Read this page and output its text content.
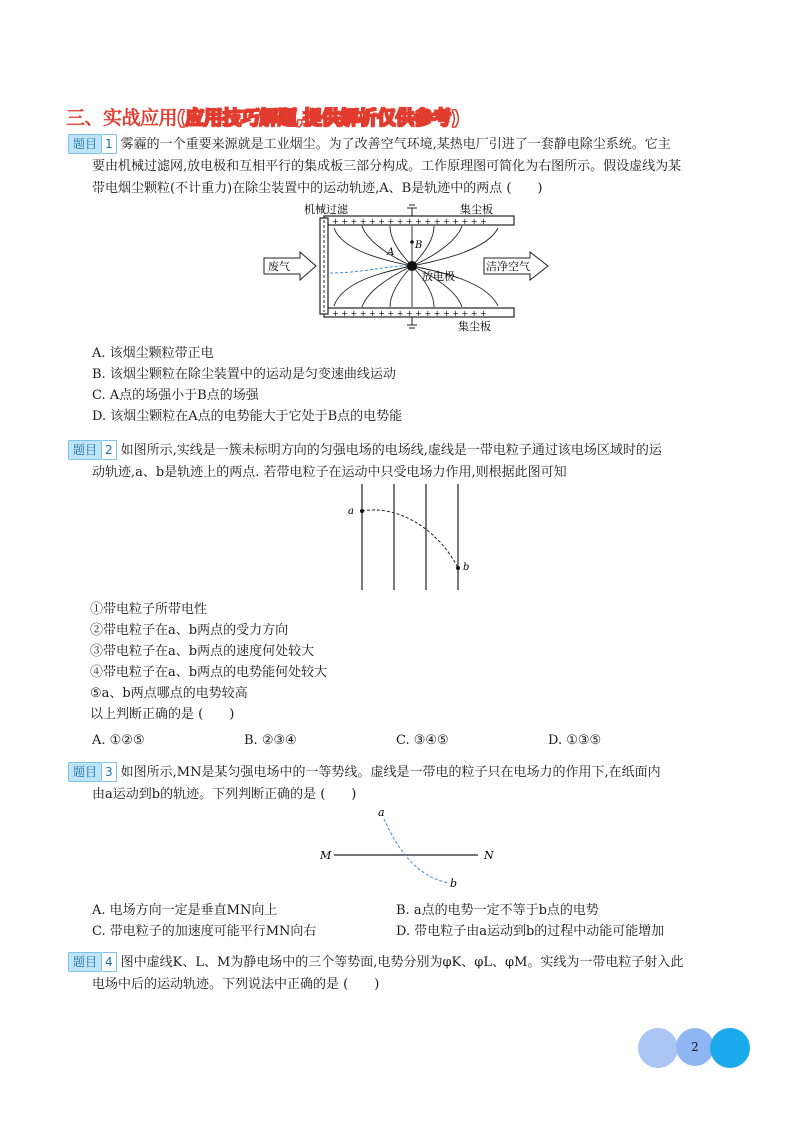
三、实战应用(应用技巧解题,提供解析仅供参考)
题目 1 雾霾的一个重要来源就是工业烟尘。为了改善空气环境,某热电厂引进了一套静电除尘系统。它主
要由机械过滤网,放电极和互相平行的集成板三部分构成。工作原理图可简化为右图所示。假设虚线为某
带电烟尘颗粒(不计重力)在除尘装置中的运动轨迹,A、B是轨迹中的两点 (　　)
+ + + + + + + + + + + + + + + + +
+ + + + + + + + + + + + + + + + +
A
B
机械过滤	集尘板
集尘板
放电极
废气	洁净空气
A. 该烟尘颗粒带正电
B. 该烟尘颗粒在除尘装置中的运动是匀变速曲线运动
C. A点的场强小于B点的场强
D. 该烟尘颗粒在A点的电势能大于它处于B点的电势能
题目 2 如图所示,实线是一簇未标明方向的匀强电场的电场线,虚线是一带电粒子通过该电场区域时的运
动轨迹,a、b是轨迹上的两点. 若带电粒子在运动中只受电场力作用,则根据此图可知
a
b
①带电粒子所带电性
②带电粒子在a、b两点的受力方向
③带电粒子在a、b两点的速度何处较大
④带电粒子在a、b两点的电势能何处较大
⑤a、b两点哪点的电势较高
以上判断正确的是 (　　)
A. ①②⑤	B. ②③④	C. ③④⑤	D. ①③⑤
题目 3 如图所示,MN是某匀强电场中的一等势线。虚线是一带电的粒子只在电场力的作用下,在纸面内
由a运动到b的轨迹。下列判断正确的是 (　　)
M	N
a
b
A. 电场方向一定是垂直MN向上	B. a点的电势一定不等于b点的电势
C. 带电粒子的加速度可能平行MN向右	D. 带电粒子由a运动到b的过程中动能可能增加
题目 4 图中虚线K、L、M为静电场中的三个等势面,电势分别为φK、φL、φM。实线为一带电粒子射入此
电场中后的运动轨迹。下列说法中正确的是 (　　)
2
